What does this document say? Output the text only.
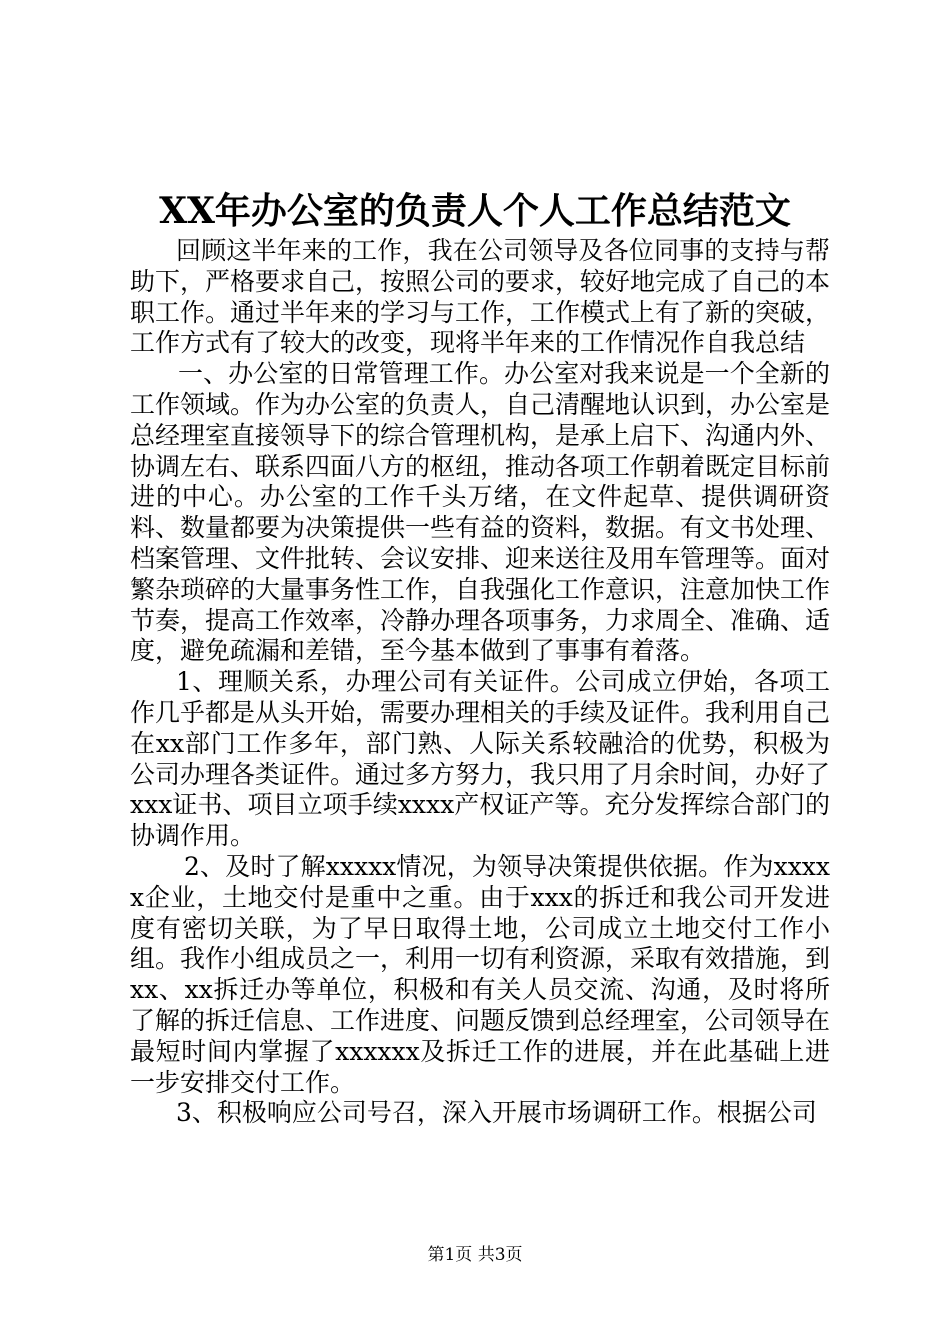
XX年办公室的负责人个人工作总结范文

回顾这半年来的工作，我在公司领导及各位同事的支持与帮助下，严格要求自己，按照公司的要求，较好地完成了自己的本职工作。通过半年来的学习与工作，工作模式上有了新的突破，工作方式有了较大的改变，现将半年来的工作情况作自我总结

一、办公室的日常管理工作。办公室对我来说是一个全新的工作领域。作为办公室的负责人，自己清醒地认识到，办公室是总经理室直接领导下的综合管理机构，是承上启下、沟通内外、协调左右、联系四面八方的枢纽，推动各项工作朝着既定目标前进的中心。办公室的工作千头万绪，在文件起草、提供调研资料、数量都要为决策提供一些有益的资料，数据。有文书处理、档案管理、文件批转、会议安排、迎来送往及用车管理等。面对繁杂琐碎的大量事务性工作，自我强化工作意识，注意加快工作节奏，提高工作效率，冷静办理各项事务，力求周全、准确、适度，避免疏漏和差错，至今基本做到了事事有着落。

1、理顺关系，办理公司有关证件。公司成立伊始，各项工作几乎都是从头开始，需要办理相关的手续及证件。我利用自己在xx部门工作多年，部门熟、人际关系较融洽的优势，积极为公司办理各类证件。通过多方努力，我只用了月余时间，办好了xxx证书、项目立项手续xxxx产权证产等。充分发挥综合部门的协调作用。

2、及时了解xxxxx情况，为领导决策提供依据。作为xxxxx企业，土地交付是重中之重。由于xxx的拆迁和我公司开发进度有密切关联，为了早日取得土地，公司成立土地交付工作小组。我作小组成员之一，利用一切有利资源，采取有效措施，到xx、xx拆迁办等单位，积极和有关人员交流、沟通，及时将所了解的拆迁信息、工作进度、问题反馈到总经理室，公司领导在最短时间内掌握了xxxxxx及拆迁工作的进展，并在此基础上进一步安排交付工作。

3、积极响应公司号召，深入开展市场调研工作。根据公司

第1页 共3页
